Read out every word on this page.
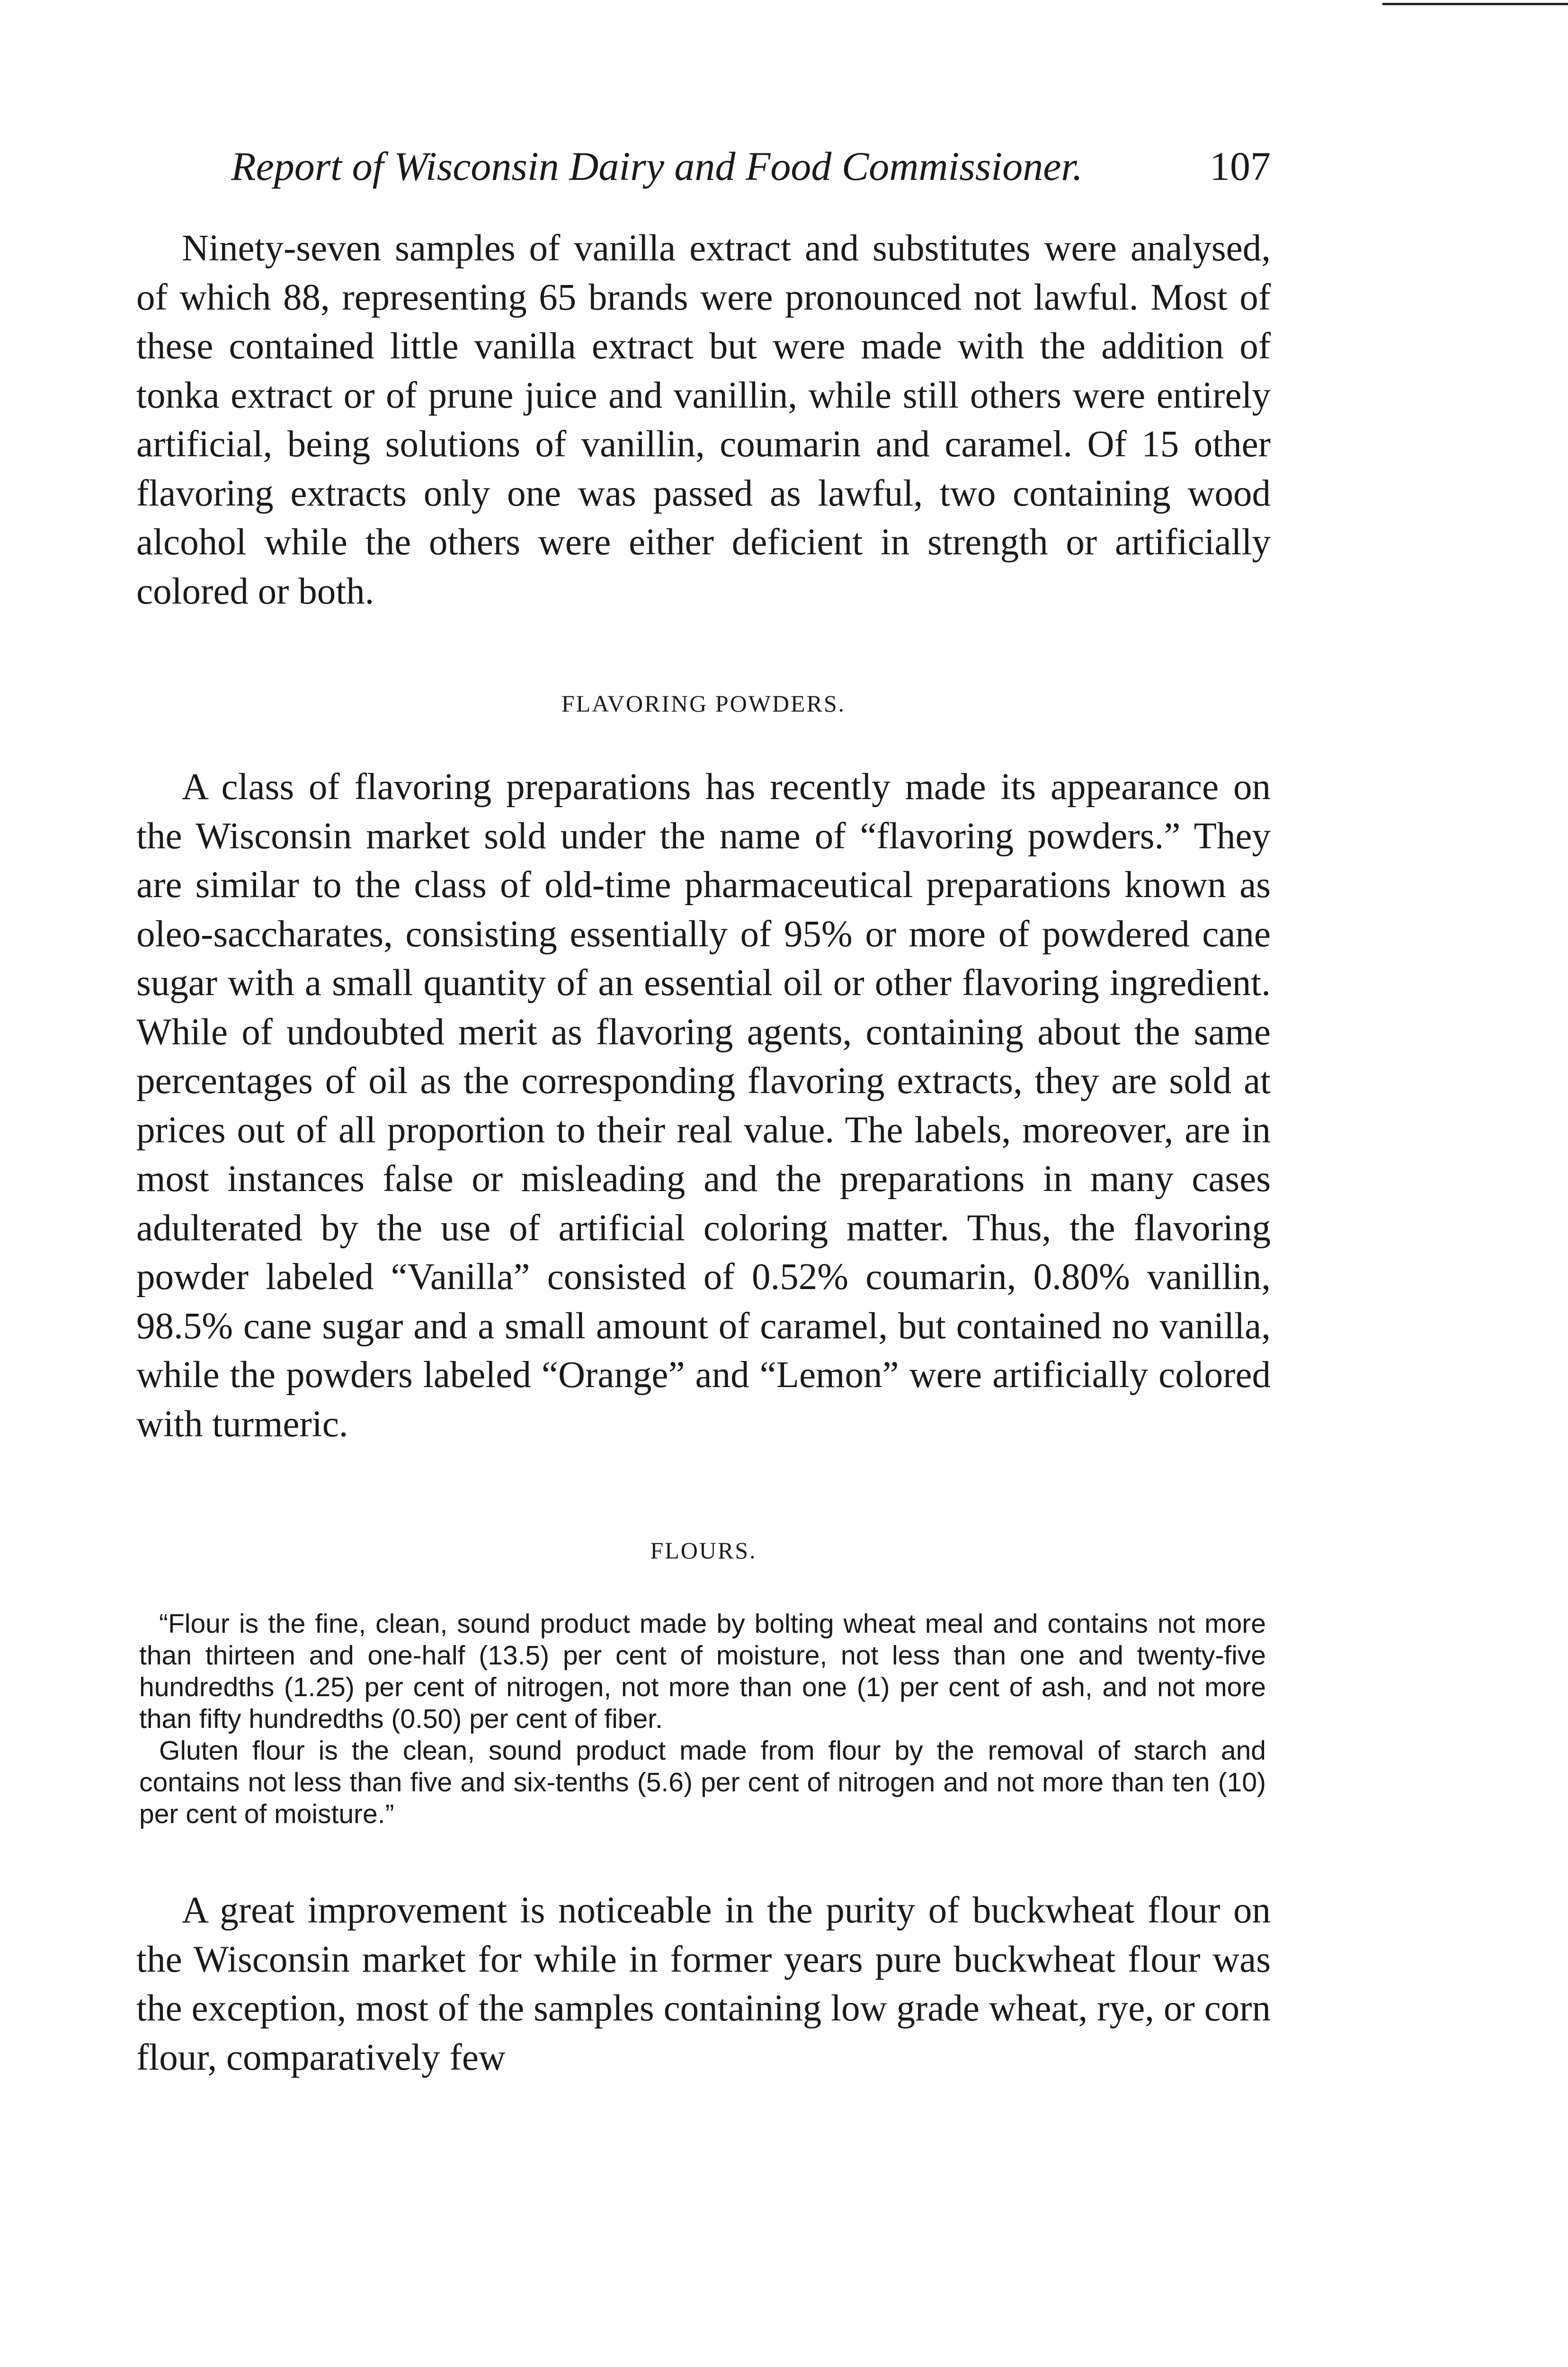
Report of Wisconsin Dairy and Food Commissioner.	107

Ninety-seven samples of vanilla extract and substitutes were analysed, of which 88, representing 65 brands were pronounced not lawful. Most of these contained little vanilla extract but were made with the addition of tonka extract or of prune juice and vanillin, while still others were entirely artificial, being solutions of vanillin, coumarin and caramel. Of 15 other flavoring extracts only one was passed as lawful, two containing wood alcohol while the others were either deficient in strength or artificially colored or both.

FLAVORING POWDERS.

A class of flavoring preparations has recently made its appearance on the Wisconsin market sold under the name of “flavoring powders.” They are similar to the class of old-time pharmaceutical preparations known as oleo-saccharates, consisting essentially of 95% or more of powdered cane sugar with a small quantity of an essential oil or other flavoring ingredient. While of undoubted merit as flavoring agents, containing about the same percentages of oil as the corresponding flavoring extracts, they are sold at prices out of all proportion to their real value. The labels, moreover, are in most instances false or misleading and the preparations in many cases adulterated by the use of artificial coloring matter. Thus, the flavoring powder labeled “Vanilla” consisted of 0.52% coumarin, 0.80% vanillin, 98.5% cane sugar and a small amount of caramel, but contained no vanilla, while the powders labeled “Orange” and “Lemon” were artificially colored with turmeric.

FLOURS.

“Flour is the fine, clean, sound product made by bolting wheat meal and contains not more than thirteen and one-half (13.5) per cent of moisture, not less than one and twenty-five hundredths (1.25) per cent of nitrogen, not more than one (1) per cent of ash, and not more than fifty hundredths (0.50) per cent of fiber.

Gluten flour is the clean, sound product made from flour by the removal of starch and contains not less than five and six-tenths (5.6) per cent of nitrogen and not more than ten (10) per cent of moisture.”

A great improvement is noticeable in the purity of buckwheat flour on the Wisconsin market for while in former years pure buckwheat flour was the exception, most of the samples containing low grade wheat, rye, or corn flour, comparatively few
